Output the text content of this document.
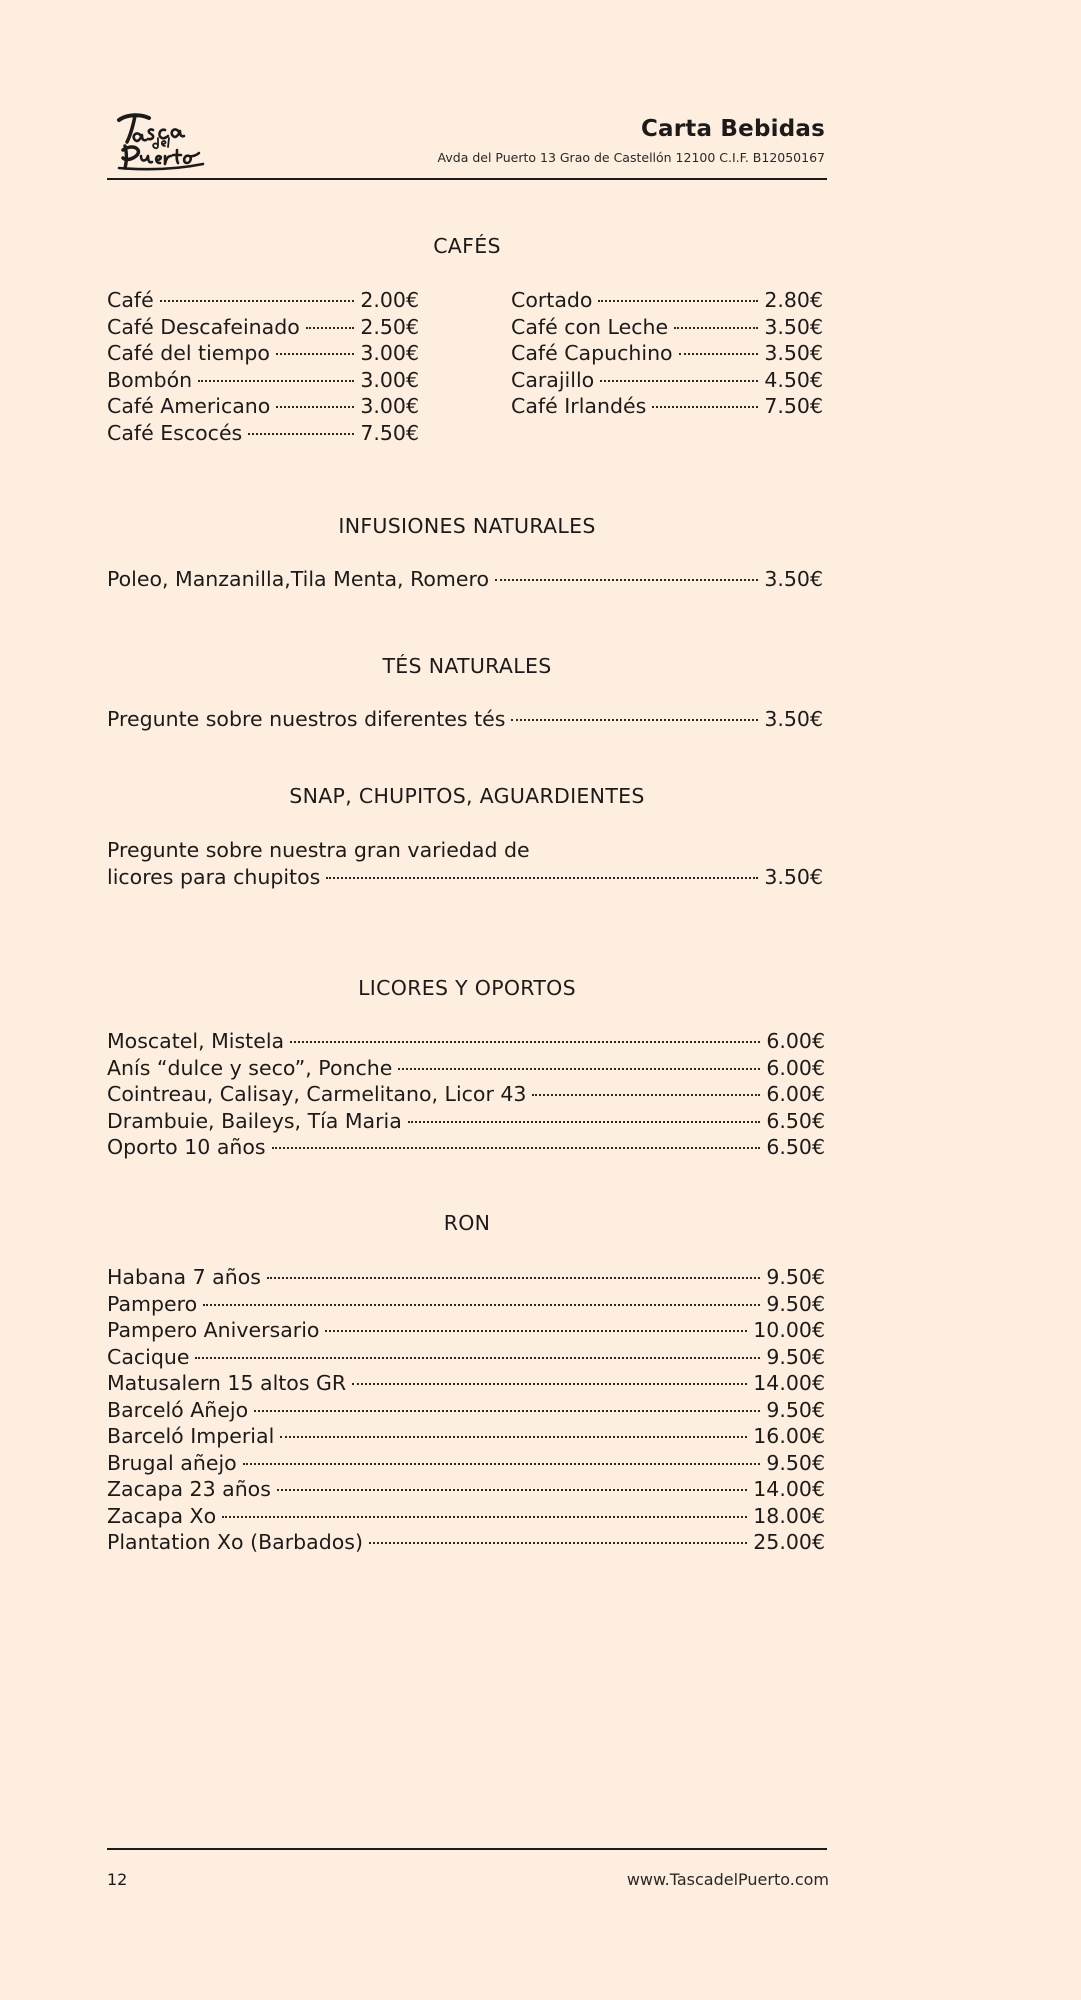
Carta Bebidas
Avda del Puerto 13 Grao de Castellón 12100 C.I.F. B12050167
CAFÉS
Café	2.00€
Café Descafeinado	2.50€
Café del tiempo	3.00€
Bombón	3.00€
Café Americano	3.00€
Café Escocés	7.50€
Cortado	2.80€
Café con Leche	3.50€
Café Capuchino	3.50€
Carajillo	4.50€
Café Irlandés	7.50€
INFUSIONES NATURALES
Poleo, Manzanilla,Tila Menta, Romero	3.50€
TÉS NATURALES
Pregunte sobre nuestros diferentes tés	3.50€
SNAP, CHUPITOS, AGUARDIENTES
Pregunte sobre nuestra gran variedad de
licores para chupitos	3.50€
LICORES Y OPORTOS
Moscatel, Mistela	6.00€
Anís “dulce y seco”, Ponche	6.00€
Cointreau, Calisay, Carmelitano, Licor 43	6.00€
Drambuie, Baileys, Tía Maria	6.50€
Oporto 10 años	6.50€
RON
Habana 7 años	9.50€
Pampero	9.50€
Pampero Aniversario	10.00€
Cacique	9.50€
Matusalern 15 altos GR	14.00€
Barceló Añejo	9.50€
Barceló Imperial	16.00€
Brugal añejo	9.50€
Zacapa 23 años	14.00€
Zacapa Xo	18.00€
Plantation Xo (Barbados)	25.00€
12	www.TascadelPuerto.com
